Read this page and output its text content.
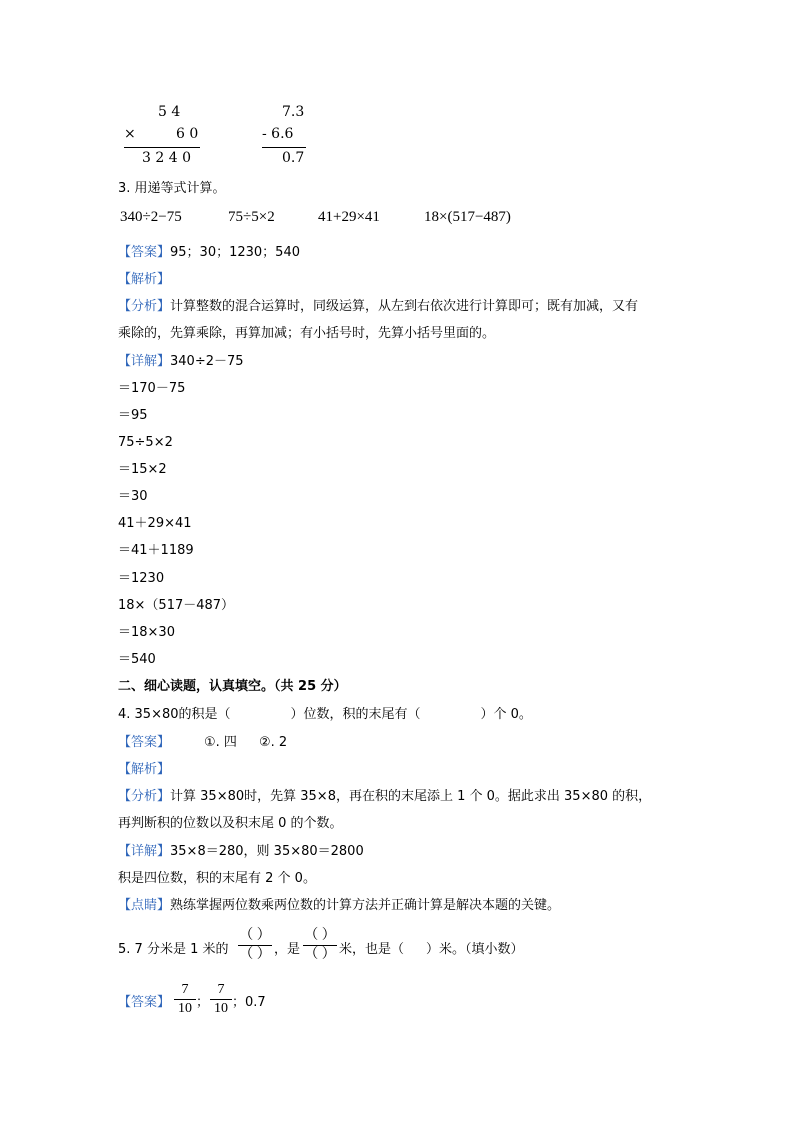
5 4
×	6 0
3 2 4 0
7.3
- 6.6
0.7
3. 用递等式计算。
340÷2−75	75÷5×2	41+29×41	18×(517−487)
【答案】95；30；1230；540
【解析】
【分析】计算整数的混合运算时，同级运算，从左到右依次进行计算即可；既有加减，又有
乘除的，先算乘除，再算加减；有小括号时，先算小括号里面的。
【详解】340÷2－75
＝170－75
＝95
75÷5×2
＝15×2
＝30
41＋29×41
＝41＋1189
＝1230
18×（517－487）
＝18×30
＝540
二、细心读题，认真填空。（共 25 分）
4. 35×80的积是（	）位数，积的末尾有（	）个 0。
【答案】	①. 四 ②. 2
【解析】
【分析】计算 35×80时，先算 35×8，再在积的末尾添上 1 个 0。据此求出 35×80 的积，
再判断积的位数以及积末尾 0 的个数。
【详解】35×8＝280，则 35×80＝2800
积是四位数，积的末尾有 2 个 0。
【点睛】熟练掌握两位数乘两位数的计算方法并正确计算是解决本题的关键。
5. 7 分米是 1 米的
（ ）
（ ） ，是
（ ）
（ ） 米，也是（ ）米。（填小数）
【答案】
7
10 ；
7
10 ；0.7
